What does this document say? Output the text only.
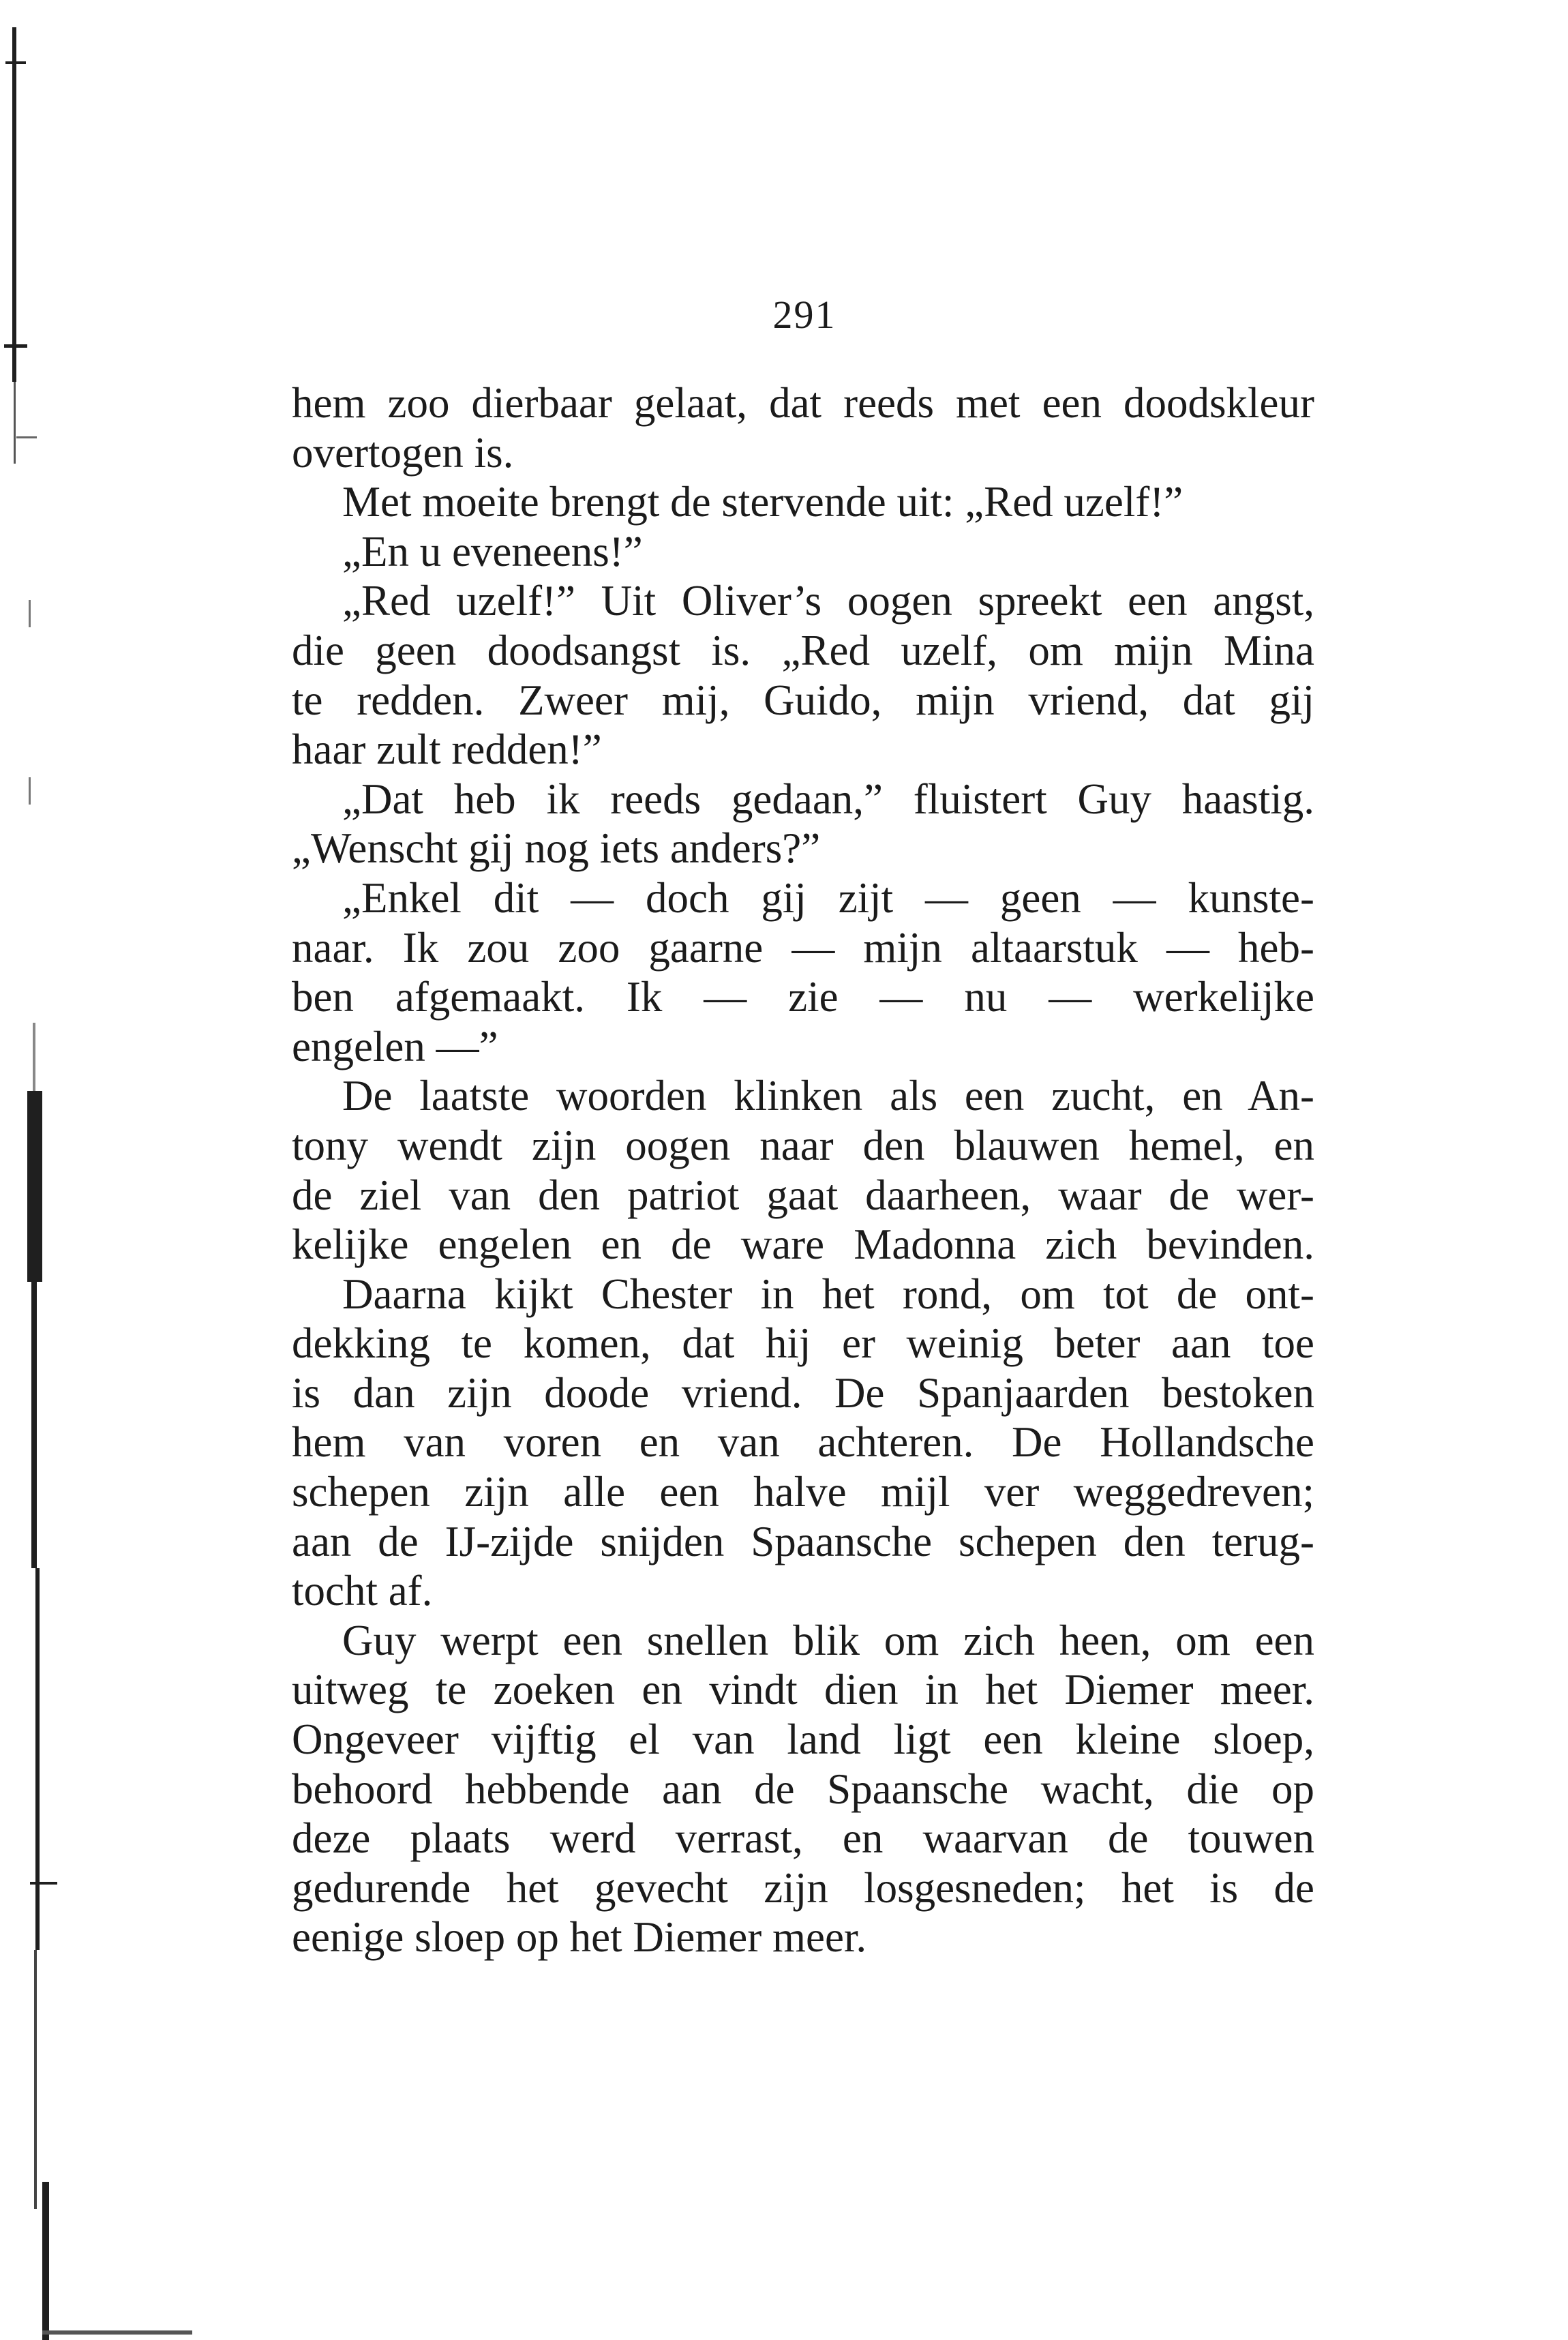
291
hem zoo dierbaar gelaat, dat reeds met een doodskleur
overtogen is.
Met moeite brengt de stervende uit: „Red uzelf!”
„En u eveneens!”
„Red uzelf!” Uit Oliver’s oogen spreekt een angst,
die geen doodsangst is. „Red uzelf, om mijn Mina
te redden. Zweer mij, Guido, mijn vriend, dat gij
haar zult redden!”
„Dat heb ik reeds gedaan,” fluistert Guy haastig.
„Wenscht gij nog iets anders?”
„Enkel dit — doch gij zijt — geen — kunste-
naar. Ik zou zoo gaarne — mijn altaarstuk — heb-
ben afgemaakt. Ik — zie — nu — werkelijke
engelen —”
De laatste woorden klinken als een zucht, en An-
tony wendt zijn oogen naar den blauwen hemel, en
de ziel van den patriot gaat daarheen, waar de wer-
kelijke engelen en de ware Madonna zich bevinden.
Daarna kijkt Chester in het rond, om tot de ont-
dekking te komen, dat hij er weinig beter aan toe
is dan zijn doode vriend. De Spanjaarden bestoken
hem van voren en van achteren. De Hollandsche
schepen zijn alle een halve mijl ver weggedreven;
aan de IJ-zijde snijden Spaansche schepen den terug-
tocht af.
Guy werpt een snellen blik om zich heen, om een
uitweg te zoeken en vindt dien in het Diemer meer.
Ongeveer vijftig el van land ligt een kleine sloep,
behoord hebbende aan de Spaansche wacht, die op
deze plaats werd verrast, en waarvan de touwen
gedurende het gevecht zijn losgesneden; het is de
eenige sloep op het Diemer meer.
